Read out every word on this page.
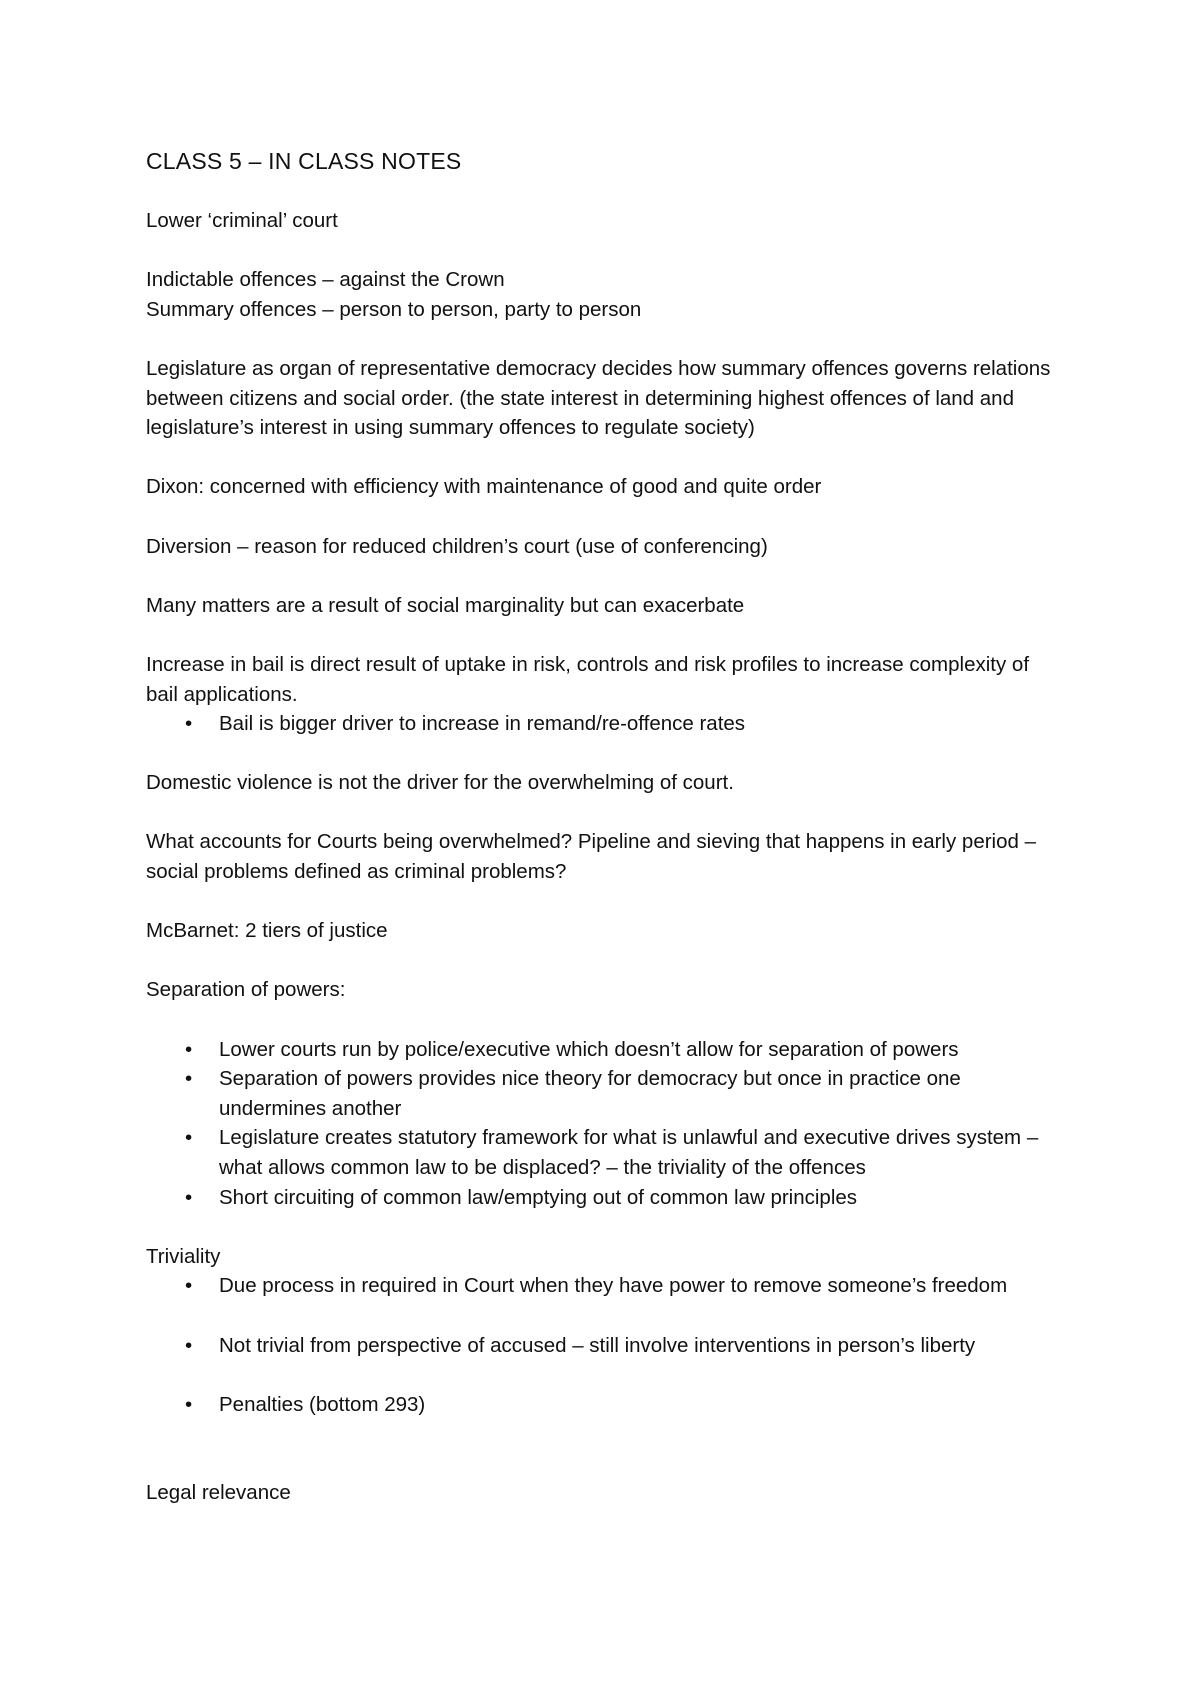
CLASS 5 – IN CLASS NOTES

Lower ‘criminal’ court

Indictable offences – against the Crown

Summary offences – person to person, party to person

Legislature as organ of representative democracy decides how summary offences governs relations between citizens and social order. (the state interest in determining highest offences of land and legislature’s interest in using summary offences to regulate society)

Dixon: concerned with efficiency with maintenance of good and quite order

Diversion – reason for reduced children’s court (use of conferencing)

Many matters are a result of social marginality but can exacerbate

Increase in bail is direct result of uptake in risk, controls and risk profiles to increase complexity of bail applications.

• Bail is bigger driver to increase in remand/re-offence rates

Domestic violence is not the driver for the overwhelming of court.

What accounts for Courts being overwhelmed? Pipeline and sieving that happens in early period – social problems defined as criminal problems?

McBarnet: 2 tiers of justice

Separation of powers:

• Lower courts run by police/executive which doesn’t allow for separation of powers
• Separation of powers provides nice theory for democracy but once in practice one undermines another
• Legislature creates statutory framework for what is unlawful and executive drives system – what allows common law to be displaced? – the triviality of the offences
• Short circuiting of common law/emptying out of common law principles

Triviality

• Due process in required in Court when they have power to remove someone’s freedom
• Not trivial from perspective of accused – still involve interventions in person’s liberty
• Penalties (bottom 293)

Legal relevance
